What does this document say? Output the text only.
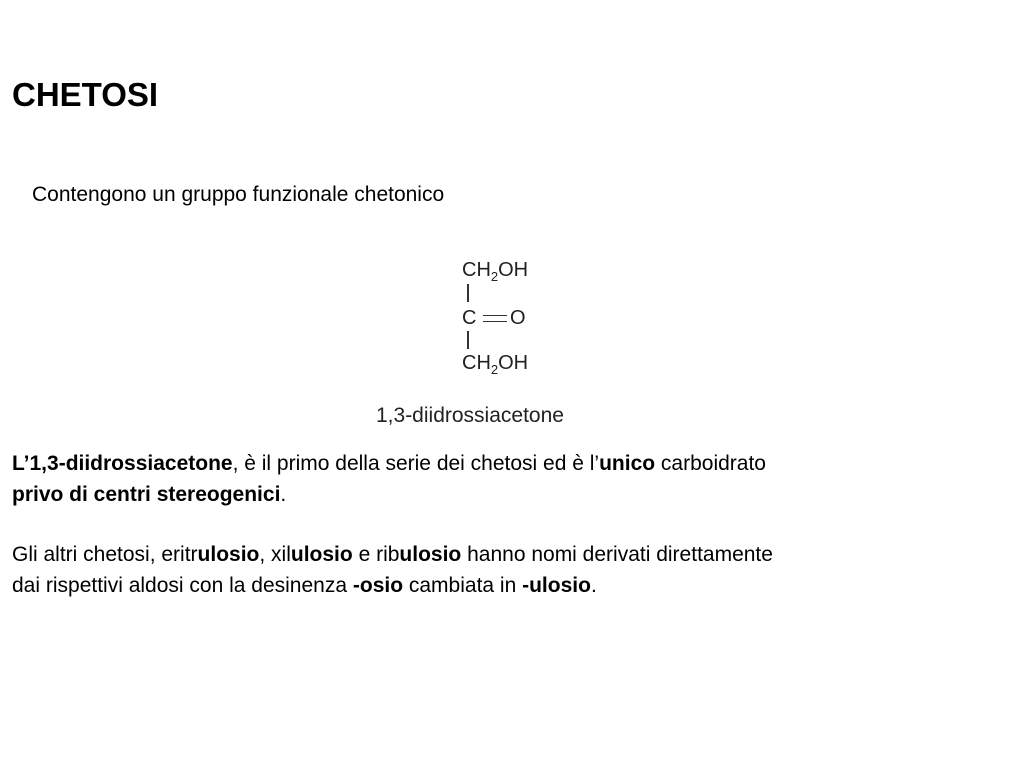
CHETOSI

Contengono un gruppo funzionale chetonico

$CH_2OH$
C O
$CH_2OH$

1,3-diidrossiacetone

L’1,3-diidrossiacetone, è il primo della serie dei chetosi ed è l’unico carboidrato
privo di centri stereogenici.

Gli altri chetosi, eritrulosio, xilulosio e ribulosio hanno nomi derivati direttamente
dai rispettivi aldosi con la desinenza -osio cambiata in -ulosio.
